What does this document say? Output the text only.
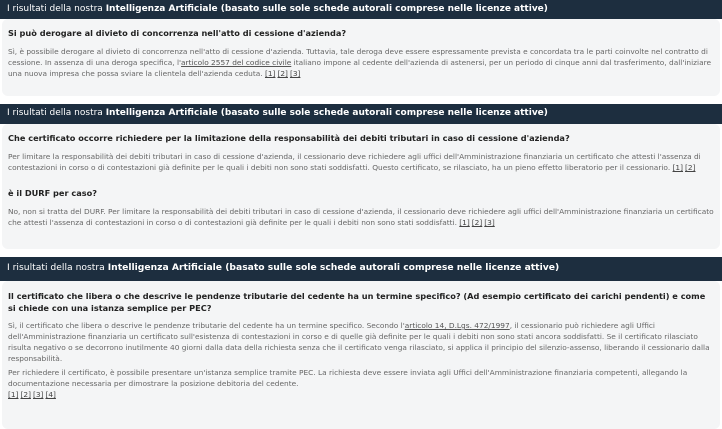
I risultati della nostra Intelligenza Artificiale (basato sulle sole schede autorali comprese nelle licenze attive)

Si può derogare al divieto di concorrenza nell'atto di cessione d'azienda?

Sì, è possibile derogare al divieto di concorrenza nell'atto di cessione d'azienda. Tuttavia, tale deroga deve essere espressamente prevista e concordata tra le parti coinvolte nel contratto di cessione. In assenza di una deroga specifica, l'articolo 2557 del codice civile italiano impone al cedente dell'azienda di astenersi, per un periodo di cinque anni dal trasferimento, dall'iniziare una nuova impresa che possa sviare la clientela dell'azienda ceduta. [1] [2] [3]

I risultati della nostra Intelligenza Artificiale (basato sulle sole schede autorali comprese nelle licenze attive)

Che certificato occorre richiedere per la limitazione della responsabilità dei debiti tributari in caso di cessione d'azienda?

Per limitare la responsabilità dei debiti tributari in caso di cessione d'azienda, il cessionario deve richiedere agli uffici dell'Amministrazione finanziaria un certificato che attesti l'assenza di contestazioni in corso o di contestazioni già definite per le quali i debiti non sono stati soddisfatti. Questo certificato, se rilasciato, ha un pieno effetto liberatorio per il cessionario. [1] [2]

è il DURF per caso?

No, non si tratta del DURF. Per limitare la responsabilità dei debiti tributari in caso di cessione d'azienda, il cessionario deve richiedere agli uffici dell'Amministrazione finanziaria un certificato che attesti l'assenza di contestazioni in corso o di contestazioni già definite per le quali i debiti non sono stati soddisfatti. [1] [2] [3]

I risultati della nostra Intelligenza Artificiale (basato sulle sole schede autorali comprese nelle licenze attive)

Il certificato che libera o che descrive le pendenze tributarie del cedente ha un termine specifico? (Ad esempio certificato dei carichi pendenti) e come si chiede con una istanza semplice per PEC?

Sì, il certificato che libera o descrive le pendenze tributarie del cedente ha un termine specifico. Secondo l'articolo 14, D.Lgs. 472/1997, il cessionario può richiedere agli Uffici dell'Amministrazione finanziaria un certificato sull'esistenza di contestazioni in corso e di quelle già definite per le quali i debiti non sono stati ancora soddisfatti. Se il certificato rilasciato risulta negativo o se decorrono inutilmente 40 giorni dalla data della richiesta senza che il certificato venga rilasciato, si applica il principio del silenzio-assenso, liberando il cessionario dalla responsabilità.

Per richiedere il certificato, è possibile presentare un'istanza semplice tramite PEC. La richiesta deve essere inviata agli Uffici dell'Amministrazione finanziaria competenti, allegando la documentazione necessaria per dimostrare la posizione debitoria del cedente.

[1] [2] [3] [4]
